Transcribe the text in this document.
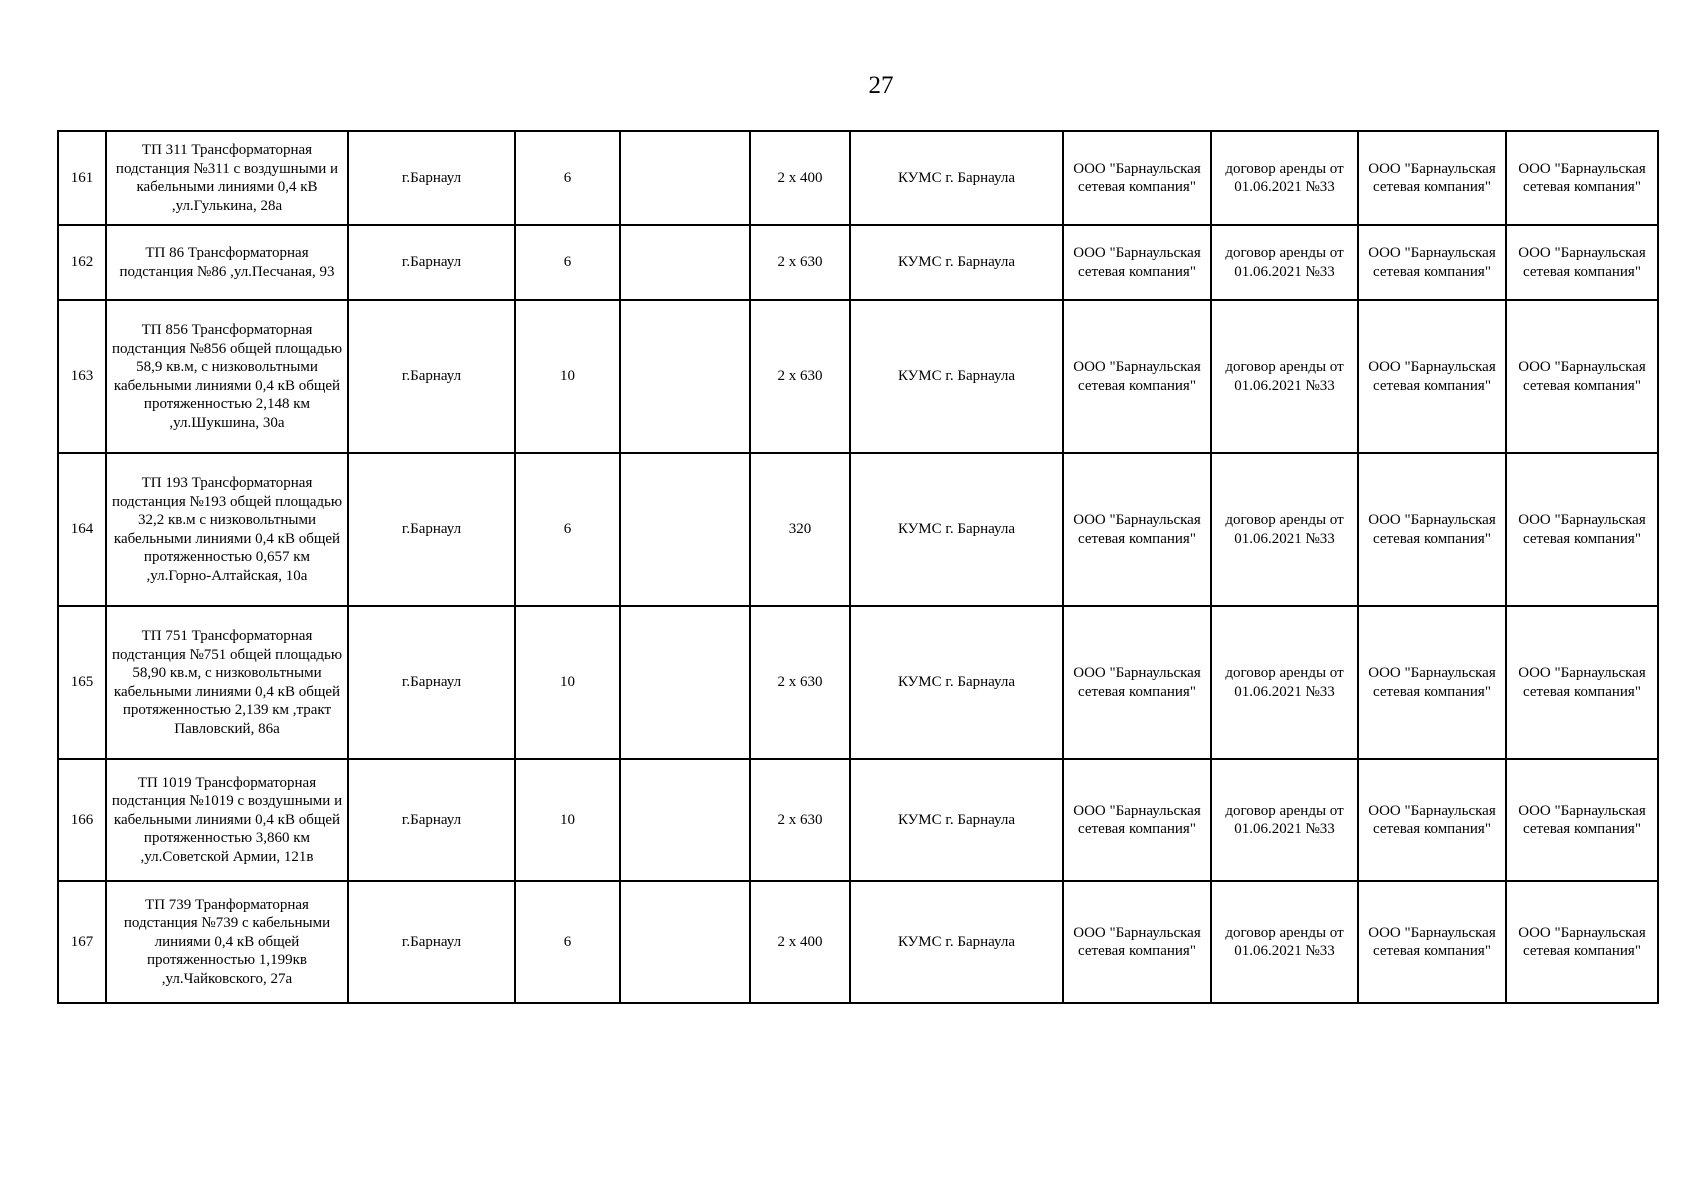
27
161	ТП 311 Трансформаторная подстанция №311 с воздушными и кабельными линиями 0,4 кВ ,ул.Гулькина, 28а	г.Барнаул	6		2 х 400	КУМС г. Барнаула	ООО "Барнаульская сетевая компания"	договор аренды от 01.06.2021 №33	ООО "Барнаульская сетевая компания"	ООО "Барнаульская сетевая компания"
162	ТП 86 Трансформаторная подстанция №86 ,ул.Песчаная, 93	г.Барнаул	6		2 х 630	КУМС г. Барнаула	ООО "Барнаульская сетевая компания"	договор аренды от 01.06.2021 №33	ООО "Барнаульская сетевая компания"	ООО "Барнаульская сетевая компания"
163	ТП 856 Трансформаторная подстанция №856 общей площадью 58,9 кв.м, с низковольтными кабельными линиями 0,4 кВ общей протяженностью 2,148 км ,ул.Шукшина, 30а	г.Барнаул	10		2 х 630	КУМС г. Барнаула	ООО "Барнаульская сетевая компания"	договор аренды от 01.06.2021 №33	ООО "Барнаульская сетевая компания"	ООО "Барнаульская сетевая компания"
164	ТП 193 Трансформаторная подстанция №193 общей площадью 32,2 кв.м с низковольтными кабельными линиями 0,4 кВ общей протяженностью 0,657 км ,ул.Горно-Алтайская, 10а	г.Барнаул	6		320	КУМС г. Барнаула	ООО "Барнаульская сетевая компания"	договор аренды от 01.06.2021 №33	ООО "Барнаульская сетевая компания"	ООО "Барнаульская сетевая компания"
165	ТП 751 Трансформаторная подстанция №751 общей площадью 58,90 кв.м, с низковольтными кабельными линиями 0,4 кВ общей протяженностью 2,139 км ,тракт Павловский, 86а	г.Барнаул	10		2 х 630	КУМС г. Барнаула	ООО "Барнаульская сетевая компания"	договор аренды от 01.06.2021 №33	ООО "Барнаульская сетевая компания"	ООО "Барнаульская сетевая компания"
166	ТП 1019 Трансформаторная подстанция №1019 с воздушными и кабельными линиями 0,4 кВ общей протяженностью 3,860 км ,ул.Советской Армии, 121в	г.Барнаул	10		2 х 630	КУМС г. Барнаула	ООО "Барнаульская сетевая компания"	договор аренды от 01.06.2021 №33	ООО "Барнаульская сетевая компания"	ООО "Барнаульская сетевая компания"
167	ТП 739 Транформаторная подстанция №739 с кабельными линиями 0,4 кВ общей протяженностью 1,199кв ,ул.Чайковского, 27а	г.Барнаул	6		2 х 400	КУМС г. Барнаула	ООО "Барнаульская сетевая компания"	договор аренды от 01.06.2021 №33	ООО "Барнаульская сетевая компания"	ООО "Барнаульская сетевая компания"
